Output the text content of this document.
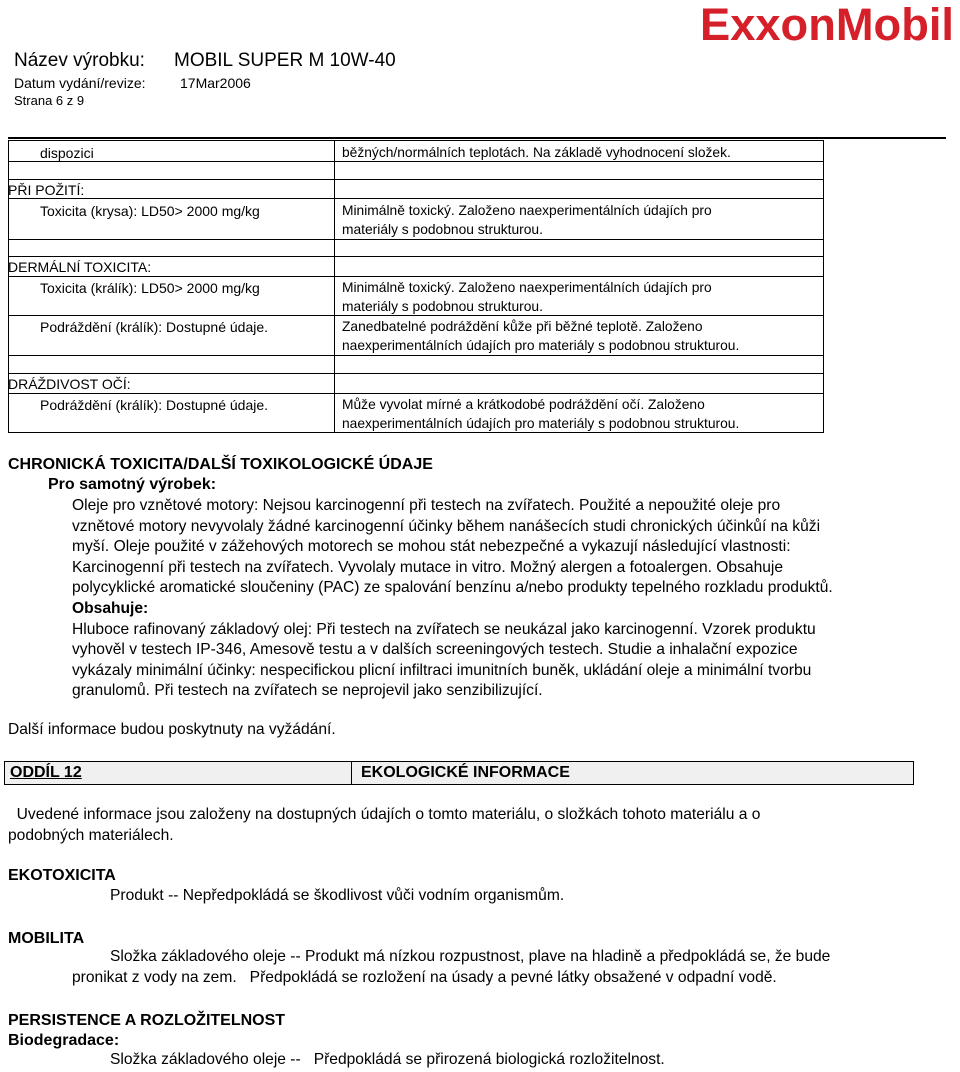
Název výrobku: MOBIL SUPER M 10W-40
Datum vydání/revize: 17Mar2006
Strana 6 z 9
ExxonMobil
dispozici	běžných/normálních teplotách. Na základě vyhodnocení složek.
PŘI POŽITÍ:
Toxicita (krysa): LD50> 2000 mg/kg	Minimálně toxický. Založeno naexperimentálních údajích pro
materiály s podobnou strukturou.
DERMÁLNÍ TOXICITA:
Toxicita (králík): LD50> 2000 mg/kg	Minimálně toxický. Založeno naexperimentálních údajích pro
materiály s podobnou strukturou.
Podráždění (králík): Dostupné údaje.	Zanedbatelné podráždění kůže při běžné teplotě. Založeno
naexperimentálních údajích pro materiály s podobnou strukturou.
DRÁŽDIVOST OČÍ:
Podráždění (králík): Dostupné údaje.	Může vyvolat mírné a krátkodobé podráždění očí. Založeno
naexperimentálních údajích pro materiály s podobnou strukturou.
CHRONICKÁ TOXICITA/DALŠÍ TOXIKOLOGICKÉ ÚDAJE
Pro samotný výrobek:
Oleje pro vznětové motory: Nejsou karcinogenní při testech na zvířatech. Použité a nepoužité oleje pro
vznětové motory nevyvolaly žádné karcinogenní účinky během nanášecích studi chronických účinkůí na kůži
myší. Oleje použité v zážehových motorech se mohou stát nebezpečné a vykazují následující vlastnosti:
Karcinogenní při testech na zvířatech. Vyvolaly mutace in vitro. Možný alergen a fotoalergen. Obsahuje
polycyklické aromatické sloučeniny (PAC) ze spalování benzínu a/nebo produkty tepelného rozkladu produktů.
Obsahuje:
Hluboce rafinovaný základový olej: Při testech na zvířatech se neukázal jako karcinogenní. Vzorek produktu
vyhověl v testech IP-346, Amesově testu a v dalších screeningových testech. Studie a inhalační expozice
vykázaly minimální účinky: nespecifickou plicní infiltraci imunitních buněk, ukládání oleje a minimální tvorbu
granulomů. Při testech na zvířatech se neprojevil jako senzibilizující.
Další informace budou poskytnuty na vyžádání.
ODDÍL 12	EKOLOGICKÉ INFORMACE
Uvedené informace jsou založeny na dostupných údajích o tomto materiálu, o složkách tohoto materiálu a o
podobných materiálech.
EKOTOXICITA
Produkt -- Nepředpokládá se škodlivost vůči vodním organismům.
MOBILITA
Složka základového oleje -- Produkt má nízkou rozpustnost, plave na hladině a předpokládá se, že bude
pronikat z vody na zem.   Předpokládá se rozložení na úsady a pevné látky obsažené v odpadní vodě.
PERSISTENCE A ROZLOŽITELNOST
Biodegradace:
Složka základového oleje --   Předpokládá se přirozená biologická rozložitelnost.
